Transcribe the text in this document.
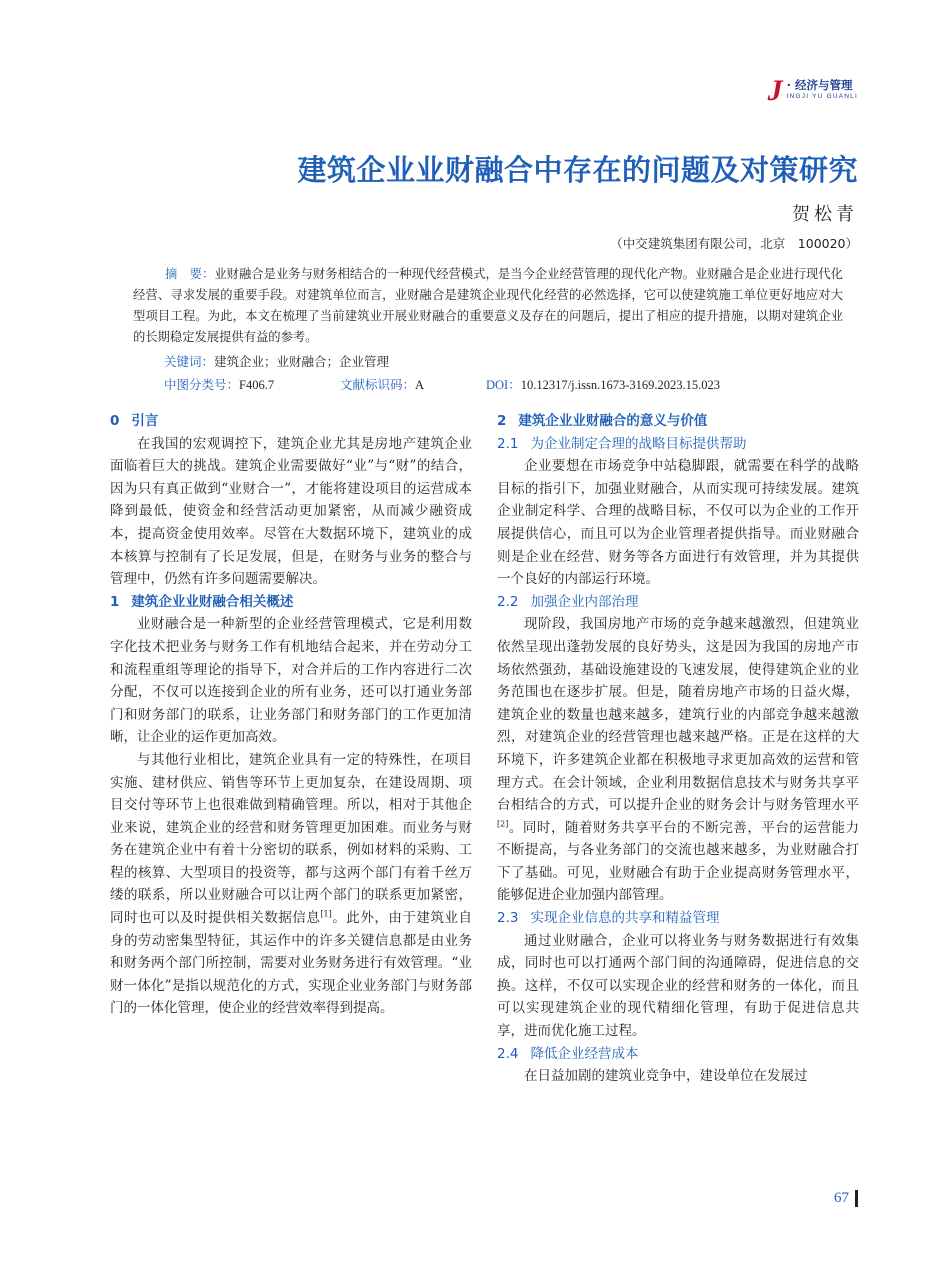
J · 经济与管理
INGJI YU GUANLI
建筑企业业财融合中存在的问题及对策研究
贺松青
（中交建筑集团有限公司，北京　100020）
摘　要：业财融合是业务与财务相结合的一种现代经营模式，是当今企业经营管理的现代化产物。业财融合是企业进行现代化经营、寻求发展的重要手段。对建筑单位而言，业财融合是建筑企业现代化经营的必然选择，它可以使建筑施工单位更好地应对大型项目工程。为此，本文在梳理了当前建筑业开展业财融合的重要意义及存在的问题后，提出了相应的提升措施，以期对建筑企业的长期稳定发展提供有益的参考。
关键词：建筑企业；业财融合；企业管理
中图分类号：F406.7	文献标识码：A	DOI：10.12317/j.issn.1673-3169.2023.15.023
0 引言

在我国的宏观调控下，建筑企业尤其是房地产建筑企业面临着巨大的挑战。建筑企业需要做好“业”与“财”的结合，因为只有真正做到“业财合一”，才能将建设项目的运营成本降到最低，使资金和经营活动更加紧密，从而减少融资成本，提高资金使用效率。尽管在大数据环境下，建筑业的成本核算与控制有了长足发展，但是，在财务与业务的整合与管理中，仍然有许多问题需要解决。

1 建筑企业业财融合相关概述

业财融合是一种新型的企业经营管理模式，它是利用数字化技术把业务与财务工作有机地结合起来，并在劳动分工和流程重组等理论的指导下，对合并后的工作内容进行二次分配，不仅可以连接到企业的所有业务，还可以打通业务部门和财务部门的联系，让业务部门和财务部门的工作更加清晰，让企业的运作更加高效。

与其他行业相比，建筑企业具有一定的特殊性，在项目实施、建材供应、销售等环节上更加复杂，在建设周期、项目交付等环节上也很难做到精确管理。所以，相对于其他企业来说，建筑企业的经营和财务管理更加困难。而业务与财务在建筑企业中有着十分密切的联系，例如材料的采购、工程的核算、大型项目的投资等，都与这两个部门有着千丝万缕的联系，所以业财融合可以让两个部门的联系更加紧密，同时也可以及时提供相关数据信息[1]。此外，由于建筑业自身的劳动密集型特征，其运作中的许多关键信息都是由业务和财务两个部门所控制，需要对业务财务进行有效管理。“业财一体化”是指以规范化的方式，实现企业业务部门与财务部门的一体化管理，使企业的经营效率得到提高。

2 建筑企业业财融合的意义与价值
2.1 为企业制定合理的战略目标提供帮助

企业要想在市场竞争中站稳脚跟，就需要在科学的战略目标的指引下，加强业财融合，从而实现可持续发展。建筑企业制定科学、合理的战略目标，不仅可以为企业的工作开展提供信心，而且可以为企业管理者提供指导。而业财融合则是企业在经营、财务等各方面进行有效管理，并为其提供一个良好的内部运行环境。

2.2 加强企业内部治理

现阶段，我国房地产市场的竞争越来越激烈，但建筑业依然呈现出蓬勃发展的良好势头，这是因为我国的房地产市场依然强劲，基础设施建设的飞速发展，使得建筑企业的业务范围也在逐步扩展。但是，随着房地产市场的日益火爆，建筑企业的数量也越来越多，建筑行业的内部竞争越来越激烈，对建筑企业的经营管理也越来越严格。正是在这样的大环境下，许多建筑企业都在积极地寻求更加高效的运营和管理方式。在会计领域，企业利用数据信息技术与财务共享平台相结合的方式，可以提升企业的财务会计与财务管理水平[2]。同时，随着财务共享平台的不断完善，平台的运营能力不断提高，与各业务部门的交流也越来越多，为业财融合打下了基础。可见，业财融合有助于企业提高财务管理水平，能够促进企业加强内部管理。

2.3 实现企业信息的共享和精益管理

通过业财融合，企业可以将业务与财务数据进行有效集成，同时也可以打通两个部门间的沟通障碍，促进信息的交换。这样，不仅可以实现企业的经营和财务的一体化，而且可以实现建筑企业的现代精细化管理，有助于促进信息共享，进而优化施工过程。

2.4 降低企业经营成本

在日益加剧的建筑业竞争中，建设单位在发展过

67
